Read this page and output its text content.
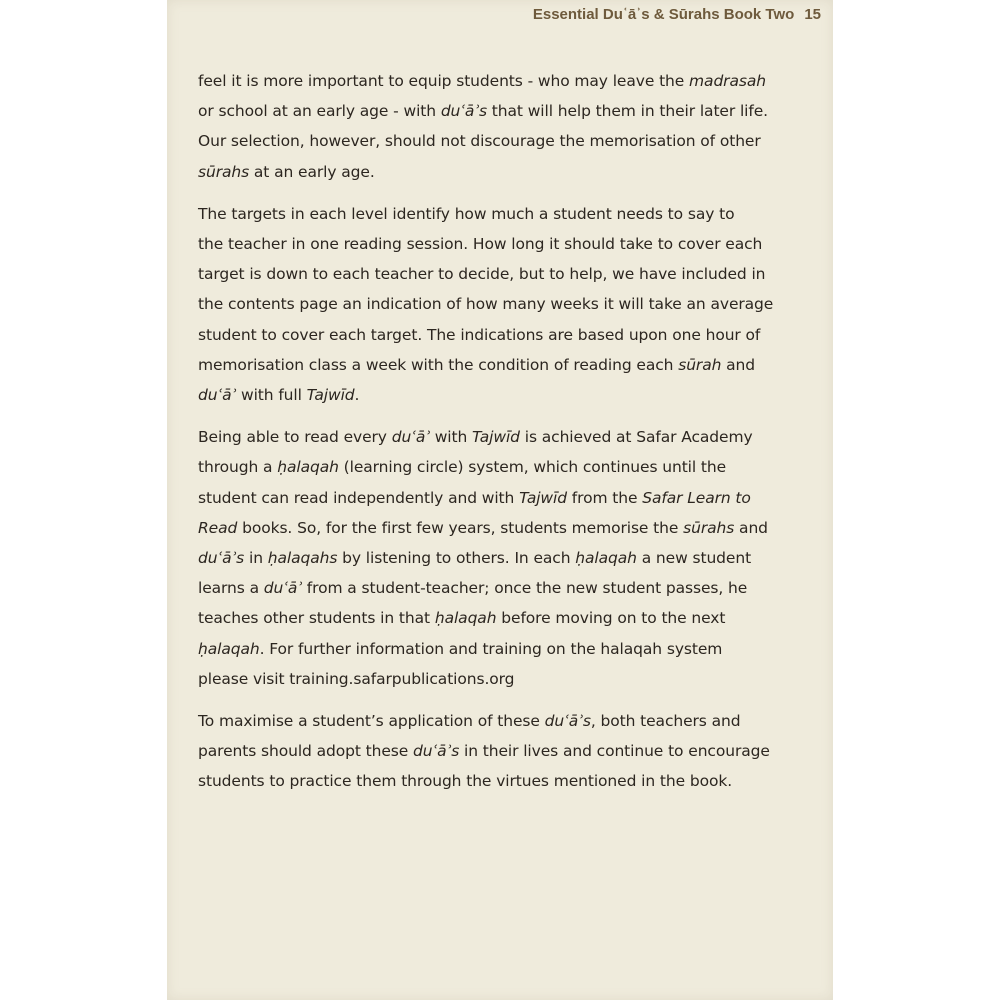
Essential Duʿāʾs & Sūrahs Book Two 15

feel it is more important to equip students - who may leave the madrasah
or school at an early age - with duʿāʾs that will help them in their later life.
Our selection, however, should not discourage the memorisation of other
sūrahs at an early age.

The targets in each level identify how much a student needs to say to
the teacher in one reading session. How long it should take to cover each
target is down to each teacher to decide, but to help, we have included in
the contents page an indication of how many weeks it will take an average
student to cover each target. The indications are based upon one hour of
memorisation class a week with the condition of reading each sūrah and
duʿāʾ with full Tajwīd.

Being able to read every duʿāʾ with Tajwīd is achieved at Safar Academy
through a ḥalaqah (learning circle) system, which continues until the
student can read independently and with Tajwīd from the Safar Learn to
Read books. So, for the first few years, students memorise the sūrahs and
duʿāʾs in ḥalaqahs by listening to others. In each ḥalaqah a new student
learns a duʿāʾ from a student-teacher; once the new student passes, he
teaches other students in that ḥalaqah before moving on to the next
ḥalaqah. For further information and training on the halaqah system
please visit training.safarpublications.org

To maximise a student’s application of these duʿāʾs, both teachers and
parents should adopt these duʿāʾs in their lives and continue to encourage
students to practice them through the virtues mentioned in the book.
